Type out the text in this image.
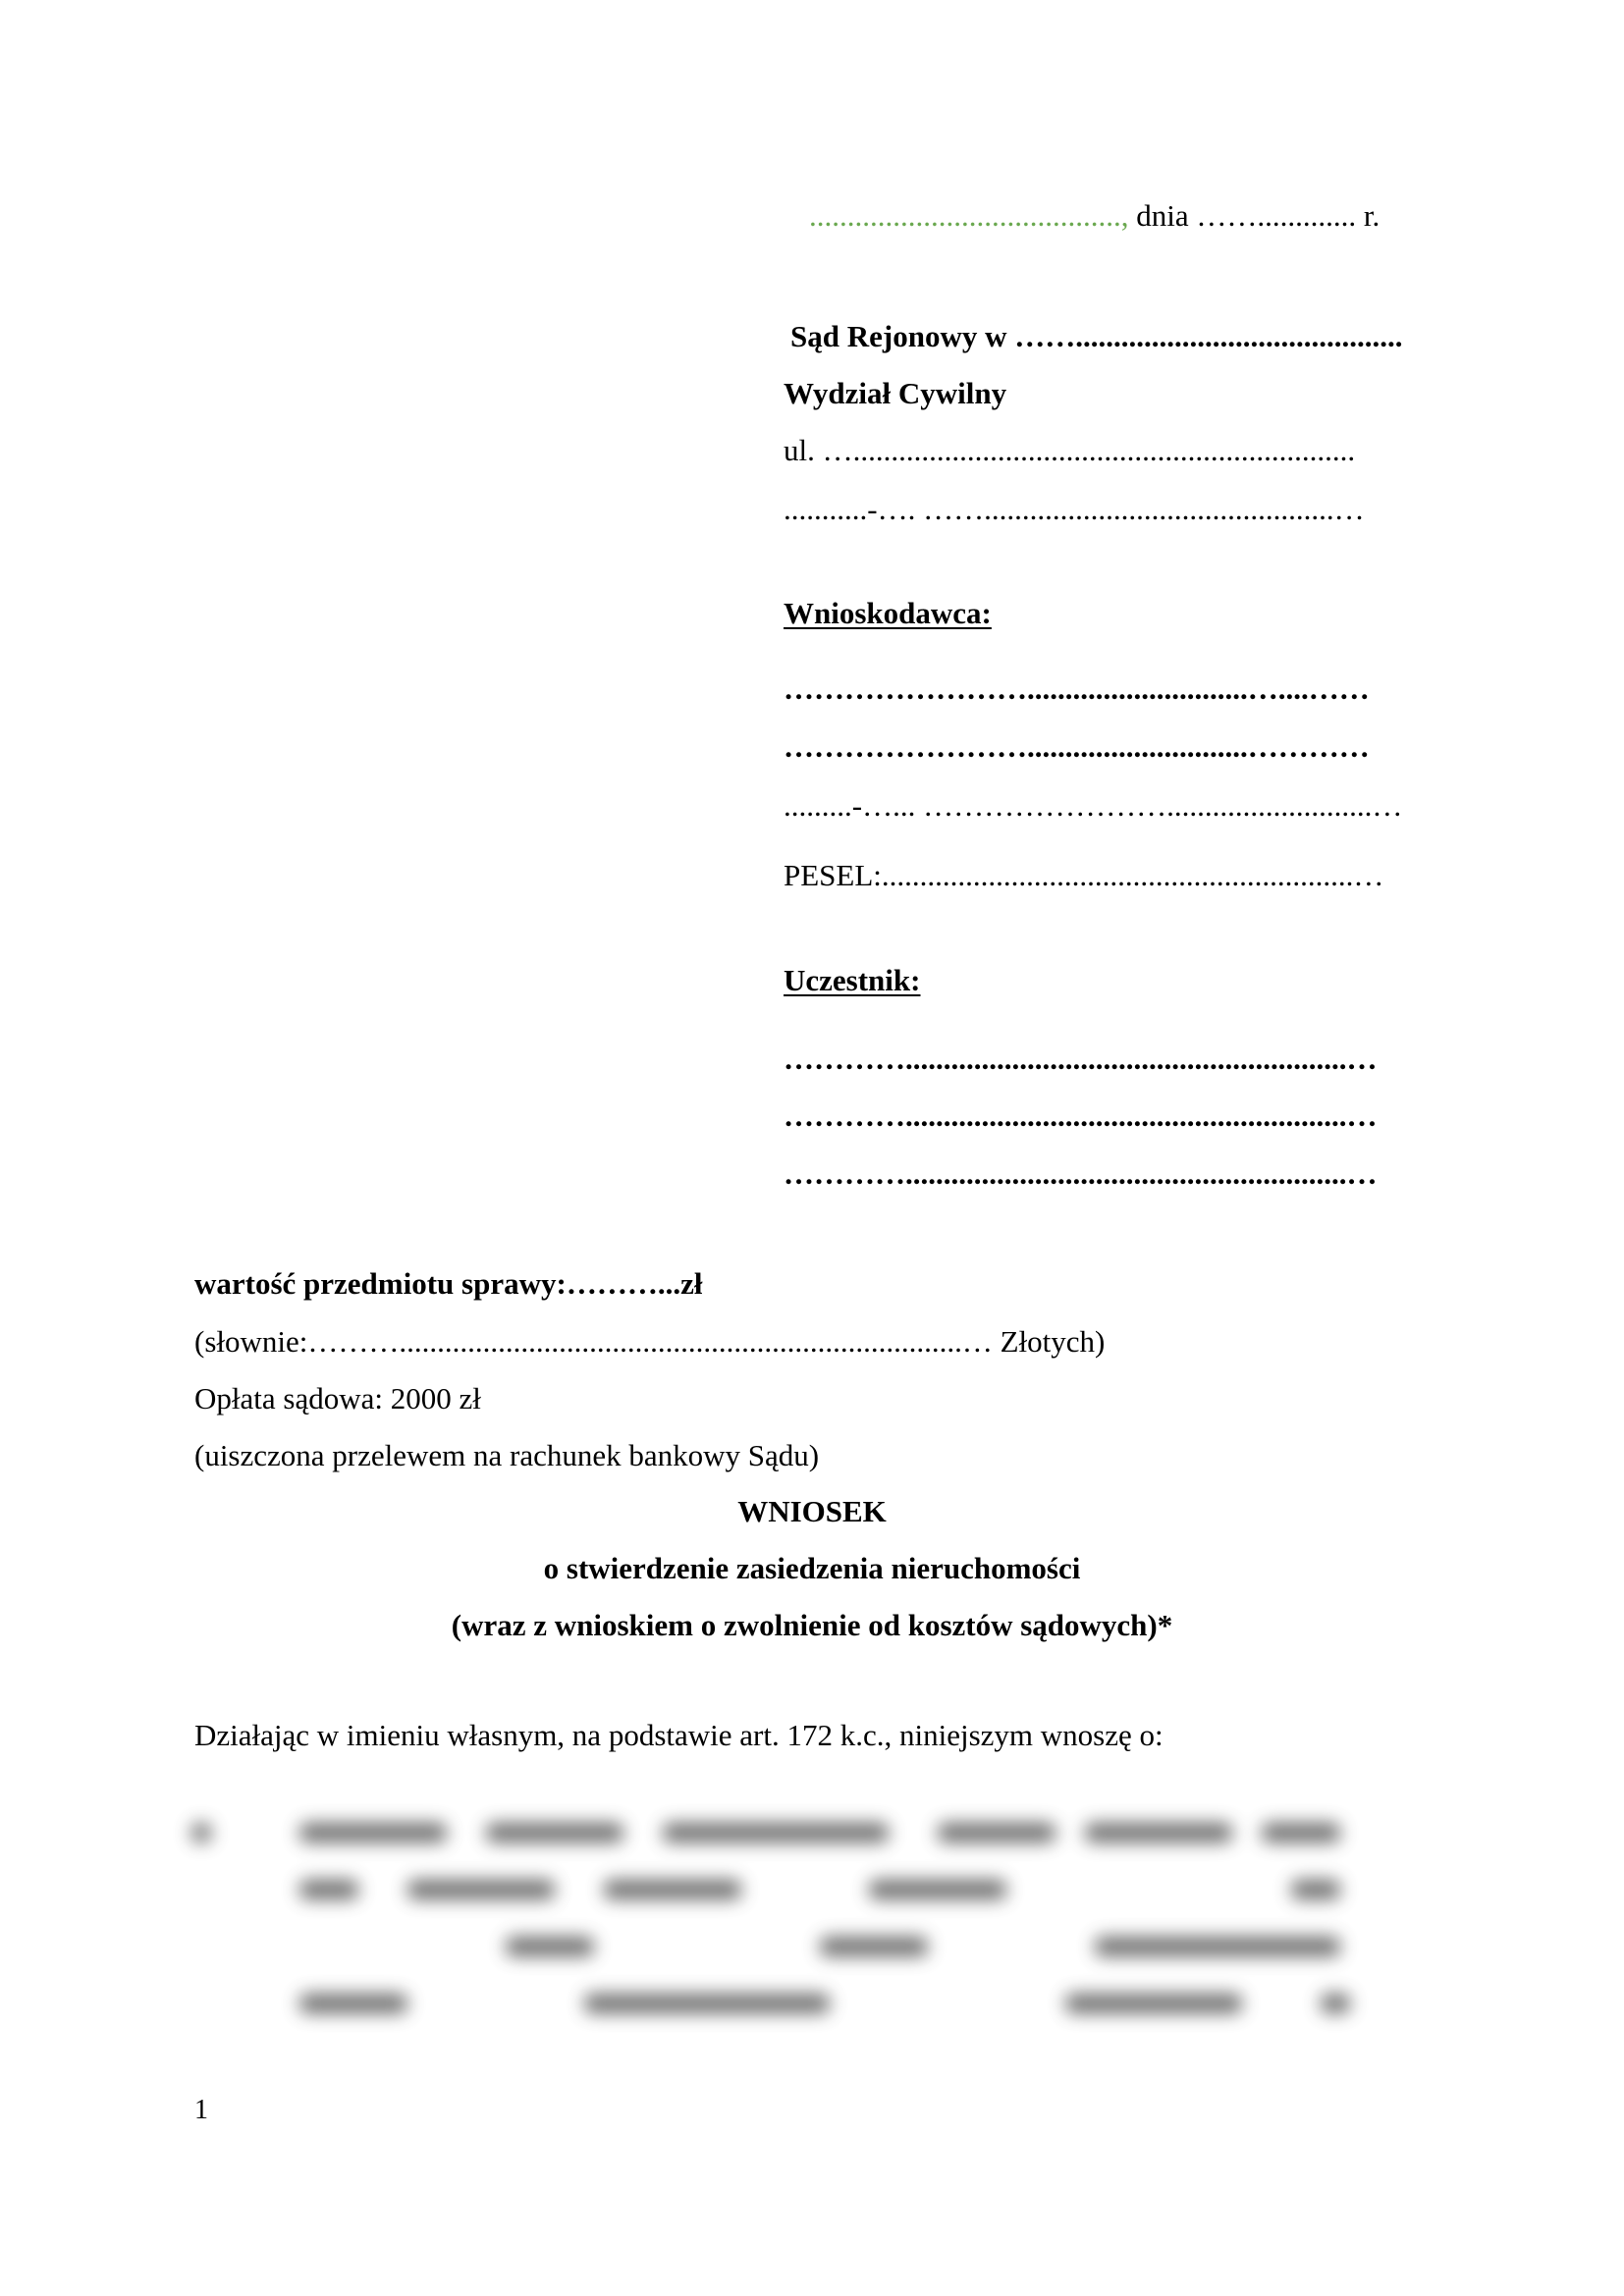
........................................., dnia ……............. r.
Sąd Rejonowy w ……...........................................
Wydział Cywilny
ul. …..................................................................
...........-…. ……..............................................…
Wnioskodawca:
…………………….............................…....……
…………………….............................…………
.........-…... ……………………...........................…
PESEL:..............................................................…
Uczestnik:
…………..........................................................…
…………..........................................................…
…………..........................................................…
wartość przedmiotu sprawy:………...zł
(słownie:………..........................................................................… Złotych)
Opłata sądowa: 2000 zł
(uiszczona przelewem na rachunek bankowy Sądu)
WNIOSEK
o stwierdzenie zasiedzenia nieruchomości
(wraz z wnioskiem o zwolnienie od kosztów sądowych)*
Działając w imieniu własnym, na podstawie art. 172 k.c., niniejszym wnoszę o:
1
